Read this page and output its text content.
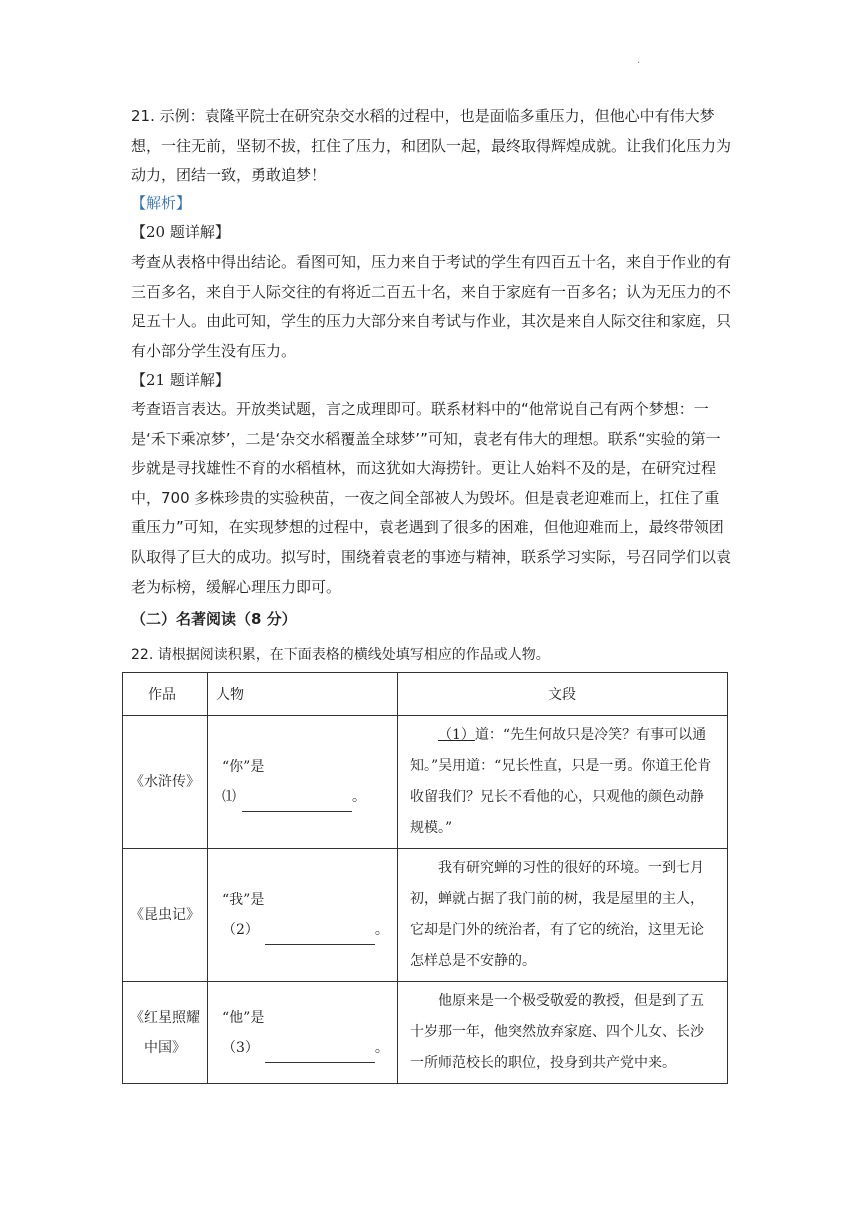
.

21. 示例：袁隆平院士在研究杂交水稻的过程中，也是面临多重压力，但他心中有伟大梦想，一往无前，坚韧不拔，扛住了压力，和团队一起，最终取得辉煌成就。让我们化压力为动力，团结一致，勇敢追梦！

【解析】
【20 题详解】

考查从表格中得出结论。看图可知，压力来自于考试的学生有四百五十名，来自于作业的有三百多名，来自于人际交往的有将近二百五十名，来自于家庭有一百多名；认为无压力的不足五十人。由此可知，学生的压力大部分来自考试与作业，其次是来自人际交往和家庭，只有小部分学生没有压力。

【21 题详解】

考查语言表达。开放类试题，言之成理即可。联系材料中的“他常说自己有两个梦想：一是‘禾下乘凉梦’，二是‘杂交水稻覆盖全球梦’”可知，袁老有伟大的理想。联系“实验的第一步就是寻找雄性不育的水稻植林，而这犹如大海捞针。更让人始料不及的是，在研究过程中，700 多株珍贵的实验秧苗，一夜之间全部被人为毁坏。但是袁老迎难而上，扛住了重重压力”可知，在实现梦想的过程中，袁老遇到了很多的困难，但他迎难而上，最终带领团队取得了巨大的成功。拟写时，围绕着袁老的事迹与精神，联系学习实际，号召同学们以袁老为标榜，缓解心理压力即可。

（二）名著阅读（8 分）
22. 请根据阅读积累，在下面表格的横线处填写相应的作品或人物。
作品	人物	文段
《水浒传》	“你”是
⑴ 。	（1）道：“先生何故只是冷笑？有事可以通知。”吴用道：“兄长性直，只是一勇。你道王伦肯收留我们？兄长不看他的心，只观他的颜色动静规模。”
《昆虫记》	“我”是
（2） 。	我有研究蝉的习性的很好的环境。一到七月初，蝉就占据了我门前的树，我是屋里的主人，它却是门外的统治者，有了它的统治，这里无论怎样总是不安静的。
《红星照耀中国》	“他”是
（3） 。	他原来是一个极受敬爱的教授，但是到了五十岁那一年，他突然放弃家庭、四个儿女、长沙一所师范校长的职位，投身到共产党中来。
